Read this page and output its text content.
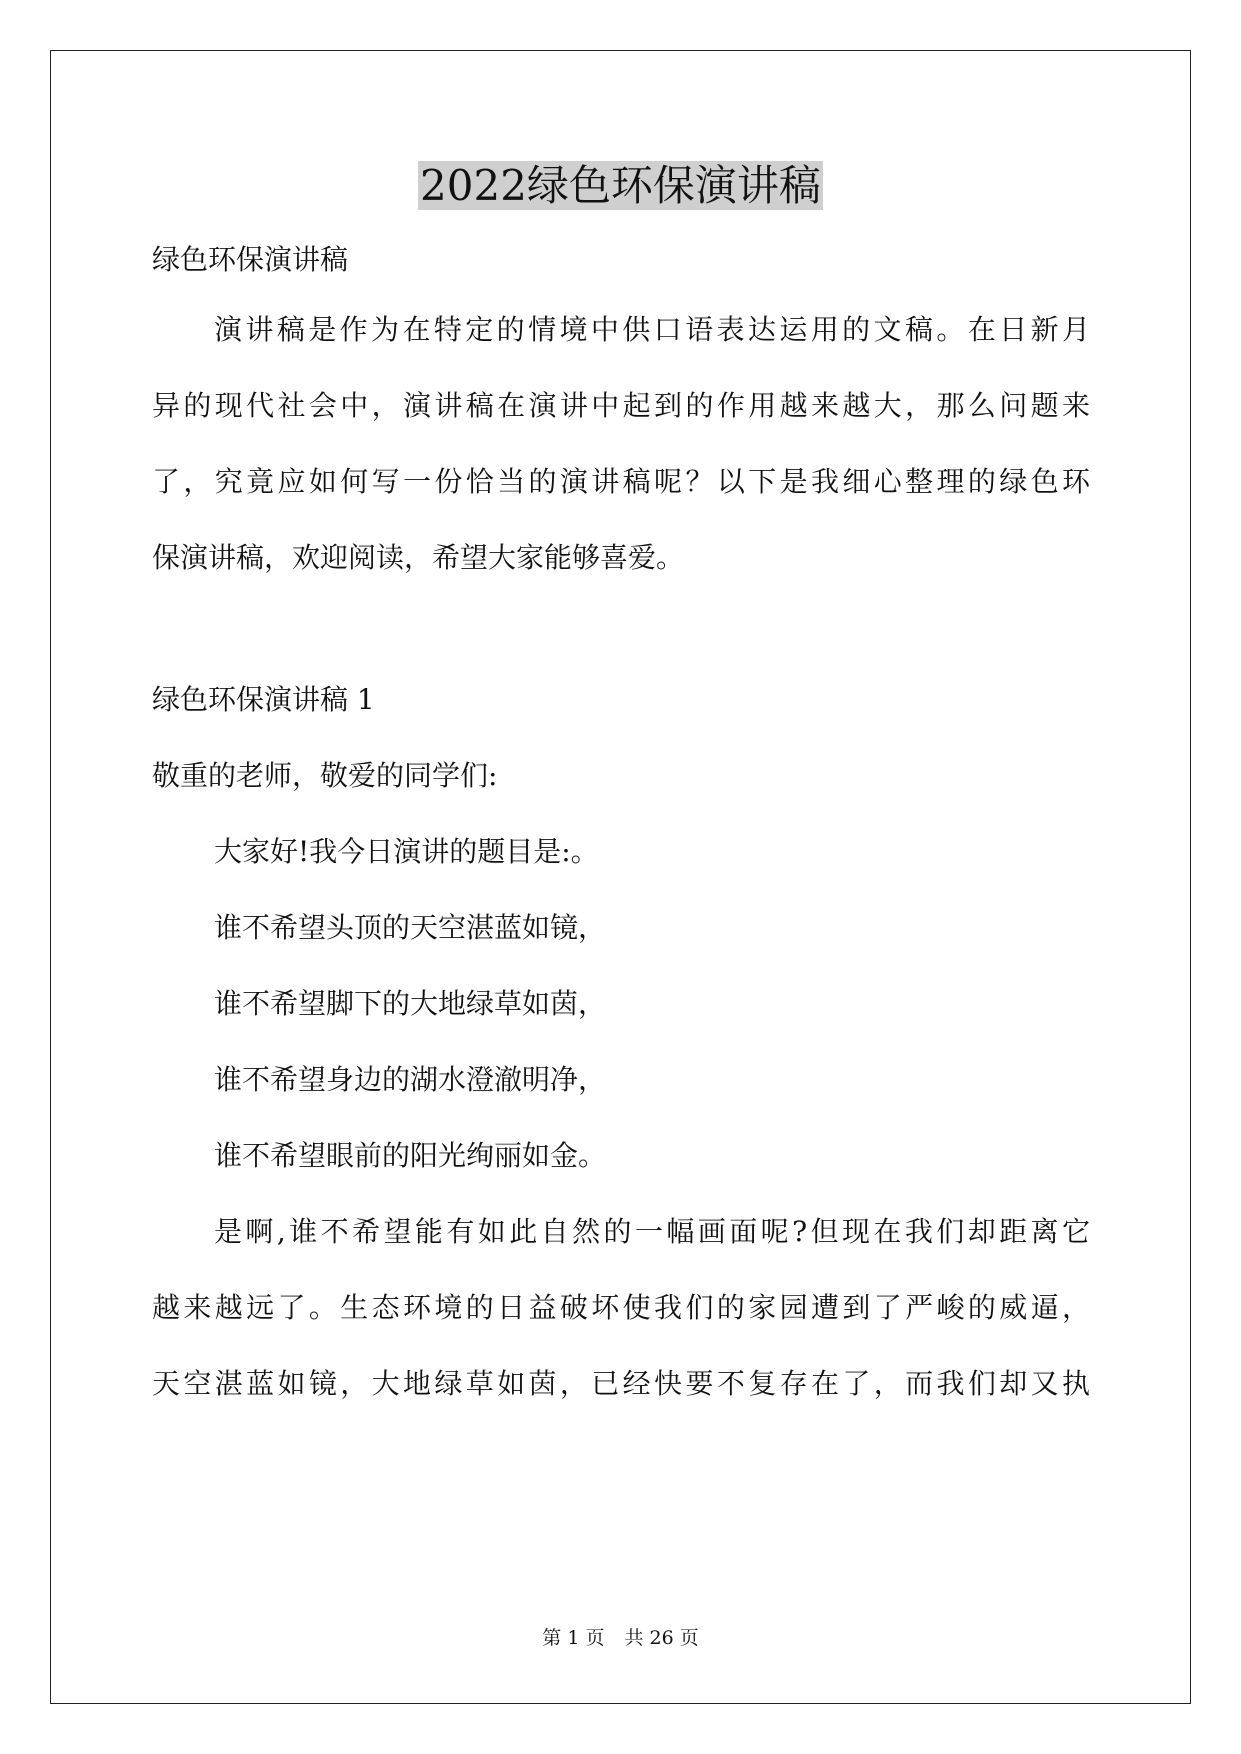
2022绿色环保演讲稿
绿色环保演讲稿
演讲稿是作为在特定的情境中供口语表达运用的文稿。在日新月
异的现代社会中，演讲稿在演讲中起到的作用越来越大，那么问题来
了，究竟应如何写一份恰当的演讲稿呢？以下是我细心整理的绿色环
保演讲稿，欢迎阅读，希望大家能够喜爱。
绿色环保演讲稿 1
敬重的老师，敬爱的同学们:
大家好!我今日演讲的题目是:。
谁不希望头顶的天空湛蓝如镜，
谁不希望脚下的大地绿草如茵，
谁不希望身边的湖水澄澈明净，
谁不希望眼前的阳光绚丽如金。
是啊,谁不希望能有如此自然的一幅画面呢?但现在我们却距离它
越来越远了。生态环境的日益破坏使我们的家园遭到了严峻的威逼，
天空湛蓝如镜，大地绿草如茵，已经快要不复存在了，而我们却又执
第 1 页 共 26 页
